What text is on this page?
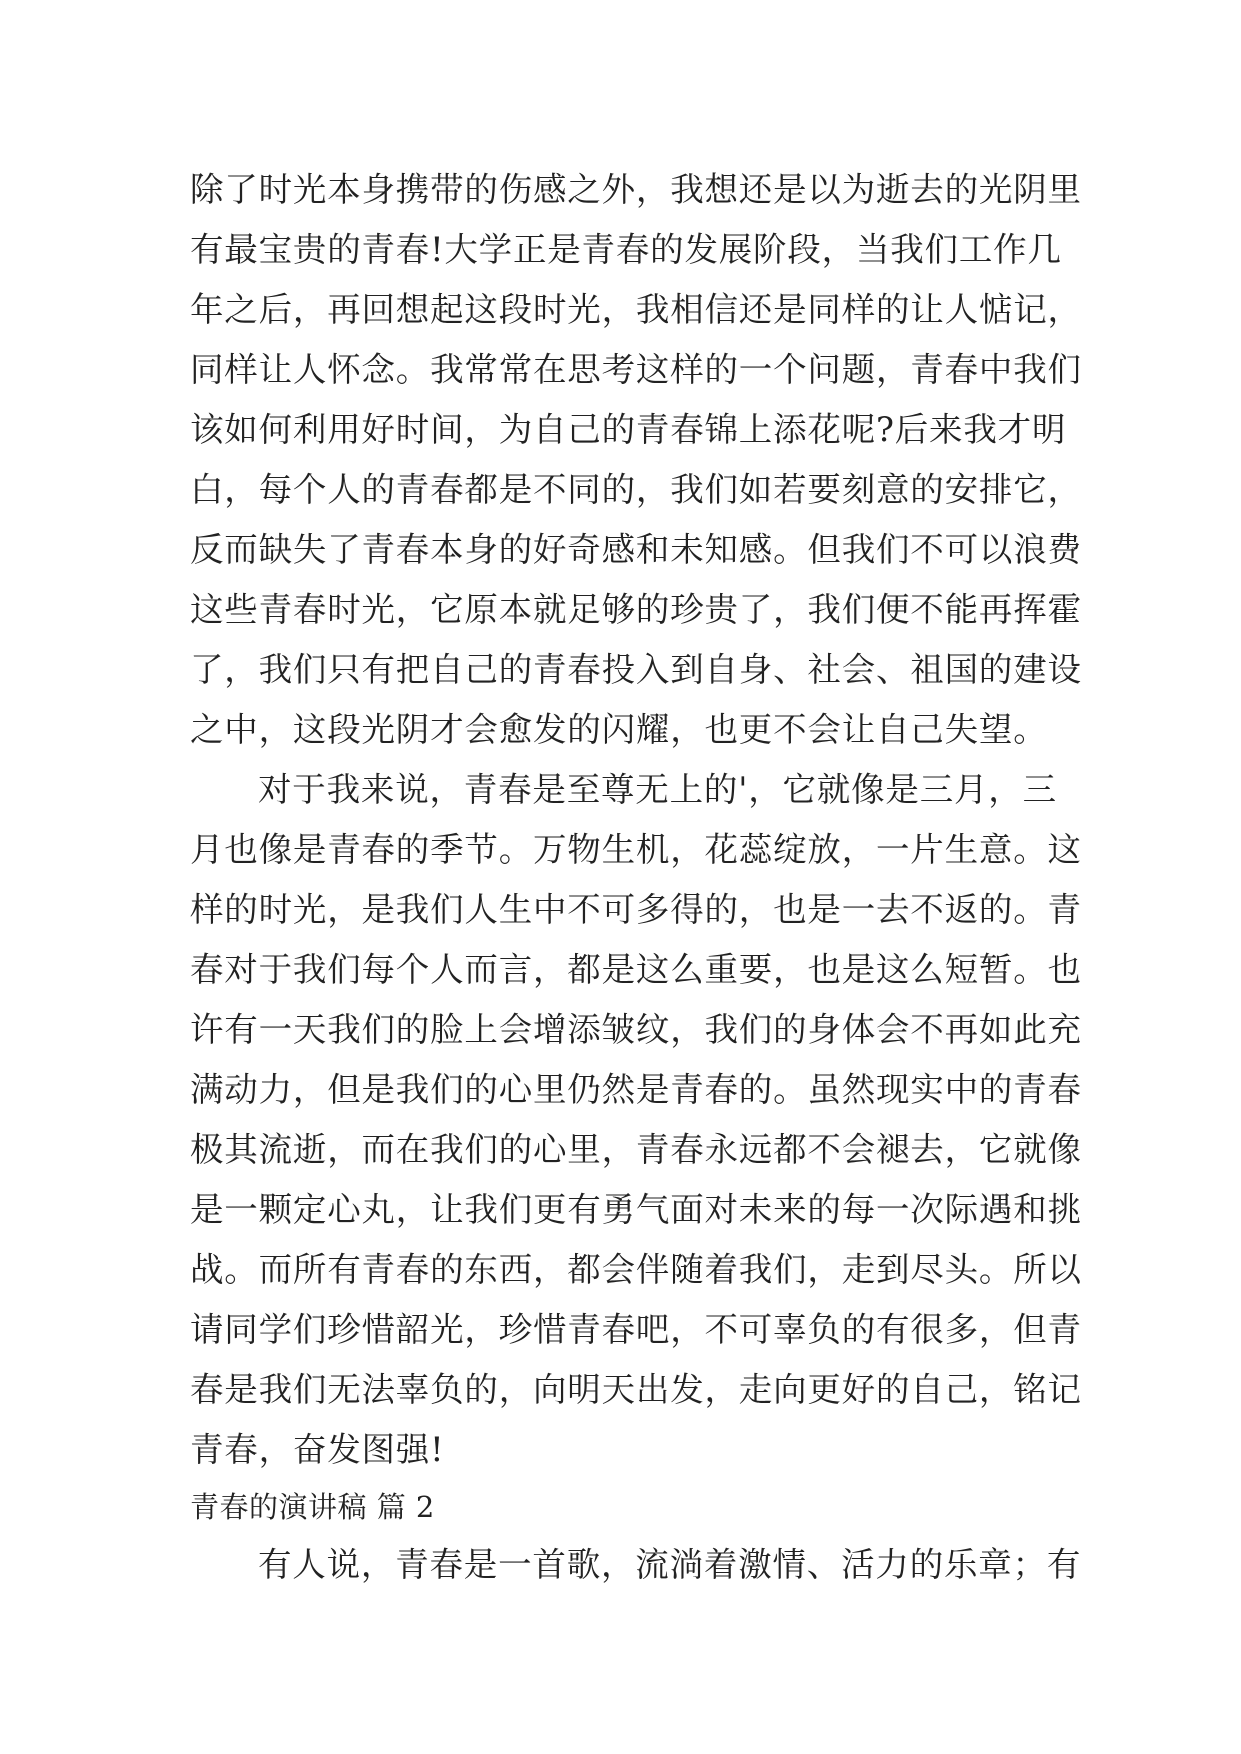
除了时光本身携带的伤感之外，我想还是以为逝去的光阴里
有最宝贵的青春!大学正是青春的发展阶段，当我们工作几
年之后，再回想起这段时光，我相信还是同样的让人惦记，
同样让人怀念。我常常在思考这样的一个问题，青春中我们
该如何利用好时间，为自己的青春锦上添花呢?后来我才明
白，每个人的青春都是不同的，我们如若要刻意的安排它，
反而缺失了青春本身的好奇感和未知感。但我们不可以浪费
这些青春时光，它原本就足够的珍贵了，我们便不能再挥霍
了，我们只有把自己的青春投入到自身、社会、祖国的建设
之中，这段光阴才会愈发的闪耀，也更不会让自己失望。
对于我来说，青春是至尊无上的'，它就像是三月，三
月也像是青春的季节。万物生机，花蕊绽放，一片生意。这
样的时光，是我们人生中不可多得的，也是一去不返的。青
春对于我们每个人而言，都是这么重要，也是这么短暂。也
许有一天我们的脸上会增添皱纹，我们的身体会不再如此充
满动力，但是我们的心里仍然是青春的。虽然现实中的青春
极其流逝，而在我们的心里，青春永远都不会褪去，它就像
是一颗定心丸，让我们更有勇气面对未来的每一次际遇和挑
战。而所有青春的东西，都会伴随着我们，走到尽头。所以
请同学们珍惜韶光，珍惜青春吧，不可辜负的有很多，但青
春是我们无法辜负的，向明天出发，走向更好的自己，铭记
青春，奋发图强!
青春的演讲稿 篇 2
有人说，青春是一首歌，流淌着激情、活力的乐章；有
